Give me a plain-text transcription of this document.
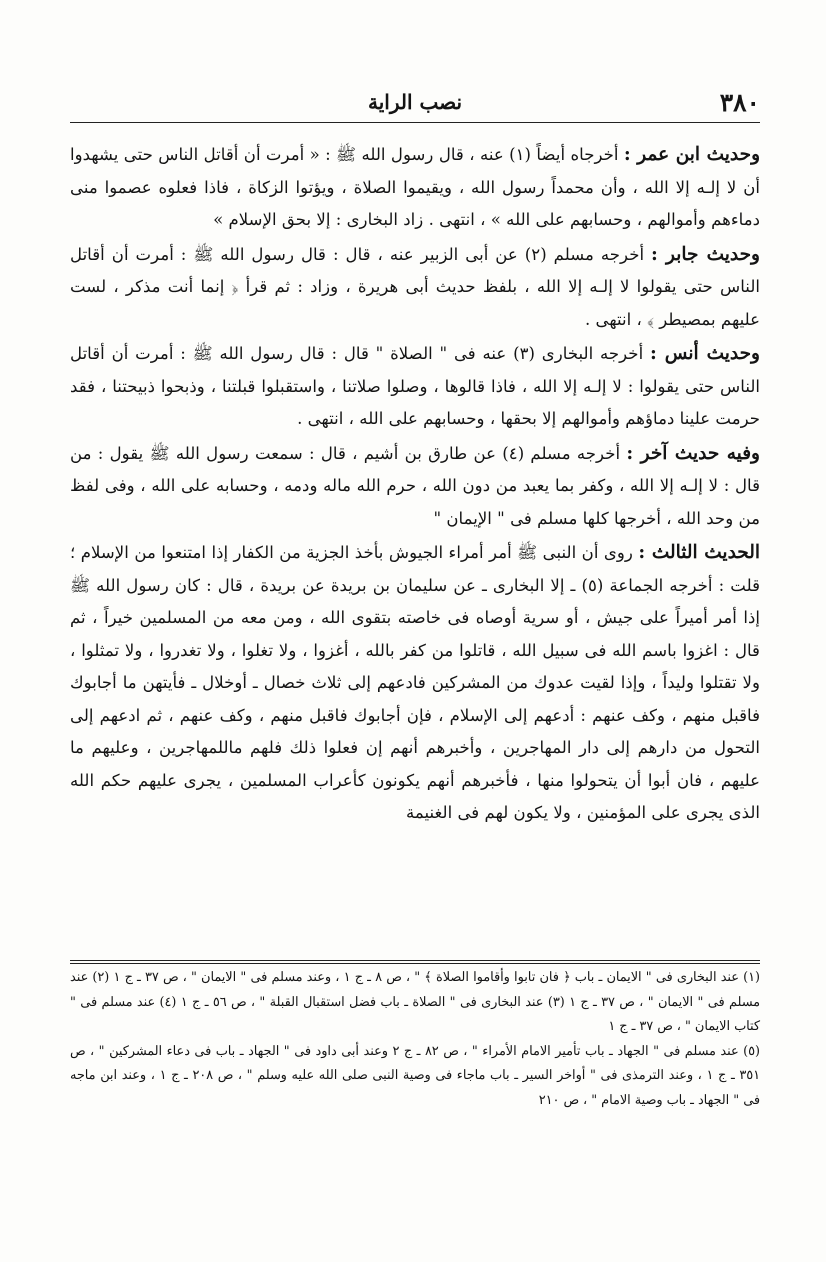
٣٨٠
نصب الراية

وحديث ابن عمر : أخرجاه أيضاً (١) عنه ، قال رسول الله ﷺ : « أمرت أن أقاتل الناس حتى يشهدوا أن لا إلـه إلا الله ، وأن محمداً رسول الله ، ويقيموا الصلاة ، ويؤتوا الزكاة ، فاذا فعلوه عصموا منى دماءهم وأموالهم ، وحسابهم على الله » ، انتهى . زاد البخارى : إلا بحق الإسلام »

وحديث جابر : أخرجه مسلم (٢) عن أبى الزبير عنه ، قال : قال رسول الله ﷺ : أمرت أن أقاتل الناس حتى يقولوا لا إلـه إلا الله ، بلفظ حديث أبى هريرة ، وزاد : ثم قرأ ﴿ إنما أنت مذكر ، لست عليهم بمصيطر ﴾ ، انتهى .

وحديث أنس : أخرجه البخارى (٣) عنه فى " الصلاة " قال : قال رسول الله ﷺ : أمرت أن أقاتل الناس حتى يقولوا : لا إلـه إلا الله ، فاذا قالوها ، وصلوا صلاتنا ، واستقبلوا قبلتنا ، وذبحوا ذبيحتنا ، فقد حرمت علينا دماؤهم وأموالهم إلا بحقها ، وحسابهم على الله ، انتهى .

وفيه حديث آخر : أخرجه مسلم (٤) عن طارق بن أشيم ، قال : سمعت رسول الله ﷺ يقول : من قال : لا إلـه إلا الله ، وكفر بما يعبد من دون الله ، حرم الله ماله ودمه ، وحسابه على الله ، وفى لفظ من وحد الله ، أخرجها كلها مسلم فى " الإيمان "

الحديث الثالث : روى أن النبى ﷺ أمر أمراء الجيوش بأخذ الجزية من الكفار إذا امتنعوا من الإسلام ؛ قلت : أخرجه الجماعة (٥) ـ إلا البخارى ـ عن سليمان بن بريدة عن بريدة ، قال : كان رسول الله ﷺ إذا أمر أميراً على جيش ، أو سرية أوصاه فى خاصته بتقوى الله ، ومن معه من المسلمين خيراً ، ثم قال : اغزوا باسم الله فى سبيل الله ، قاتلوا من كفر بالله ، أغزوا ، ولا تغلوا ، ولا تغدروا ، ولا تمثلوا ، ولا تقتلوا وليداً ، وإذا لقيت عدوك من المشركين فادعهم إلى ثلاث خصال ـ أوخلال ـ فأيتهن ما أجابوك فاقبل منهم ، وكف عنهم : أدعهم إلى الإسلام ، فإن أجابوك فاقبل منهم ، وكف عنهم ، ثم ادعهم إلى التحول من دارهم إلى دار المهاجرين ، وأخبرهم أنهم إن فعلوا ذلك فلهم ماللمهاجرين ، وعليهم ما عليهم ، فان أبوا أن يتحولوا منها ، فأخبرهم أنهم يكونون كأعراب المسلمين ، يجرى عليهم حكم الله الذى يجرى على المؤمنين ، ولا يكون لهم فى الغنيمة

(١) عند البخارى فى " الايمان ـ باب ﴿ فان تابوا وأقاموا الصلاة ﴾ " ، ص ٨ ـ ج ١ ، وعند مسلم فى " الايمان " ، ص ٣٧ ـ ج ١ (٢) عند مسلم فى " الايمان " ، ص ٣٧ ـ ج ١ (٣) عند البخارى فى " الصلاة ـ باب فضل استقبال القبلة " ، ص ٥٦ ـ ج ١ (٤) عند مسلم فى " كتاب الايمان " ، ص ٣٧ ـ ج ١

(٥) عند مسلم فى " الجهاد ـ باب تأمير الامام الأمراء " ، ص ٨٢ ـ ج ٢ وعند أبى داود فى " الجهاد ـ باب فى دعاء المشركين " ، ص ٣٥١ ـ ج ١ ، وعند الترمذى فى " أواخر السير ـ باب ماجاء فى وصية النبى صلى الله عليه وسلم " ، ص ٢٠٨ ـ ج ١ ، وعند ابن ماجه فى " الجهاد ـ باب وصية الامام " ، ص ٢١٠
